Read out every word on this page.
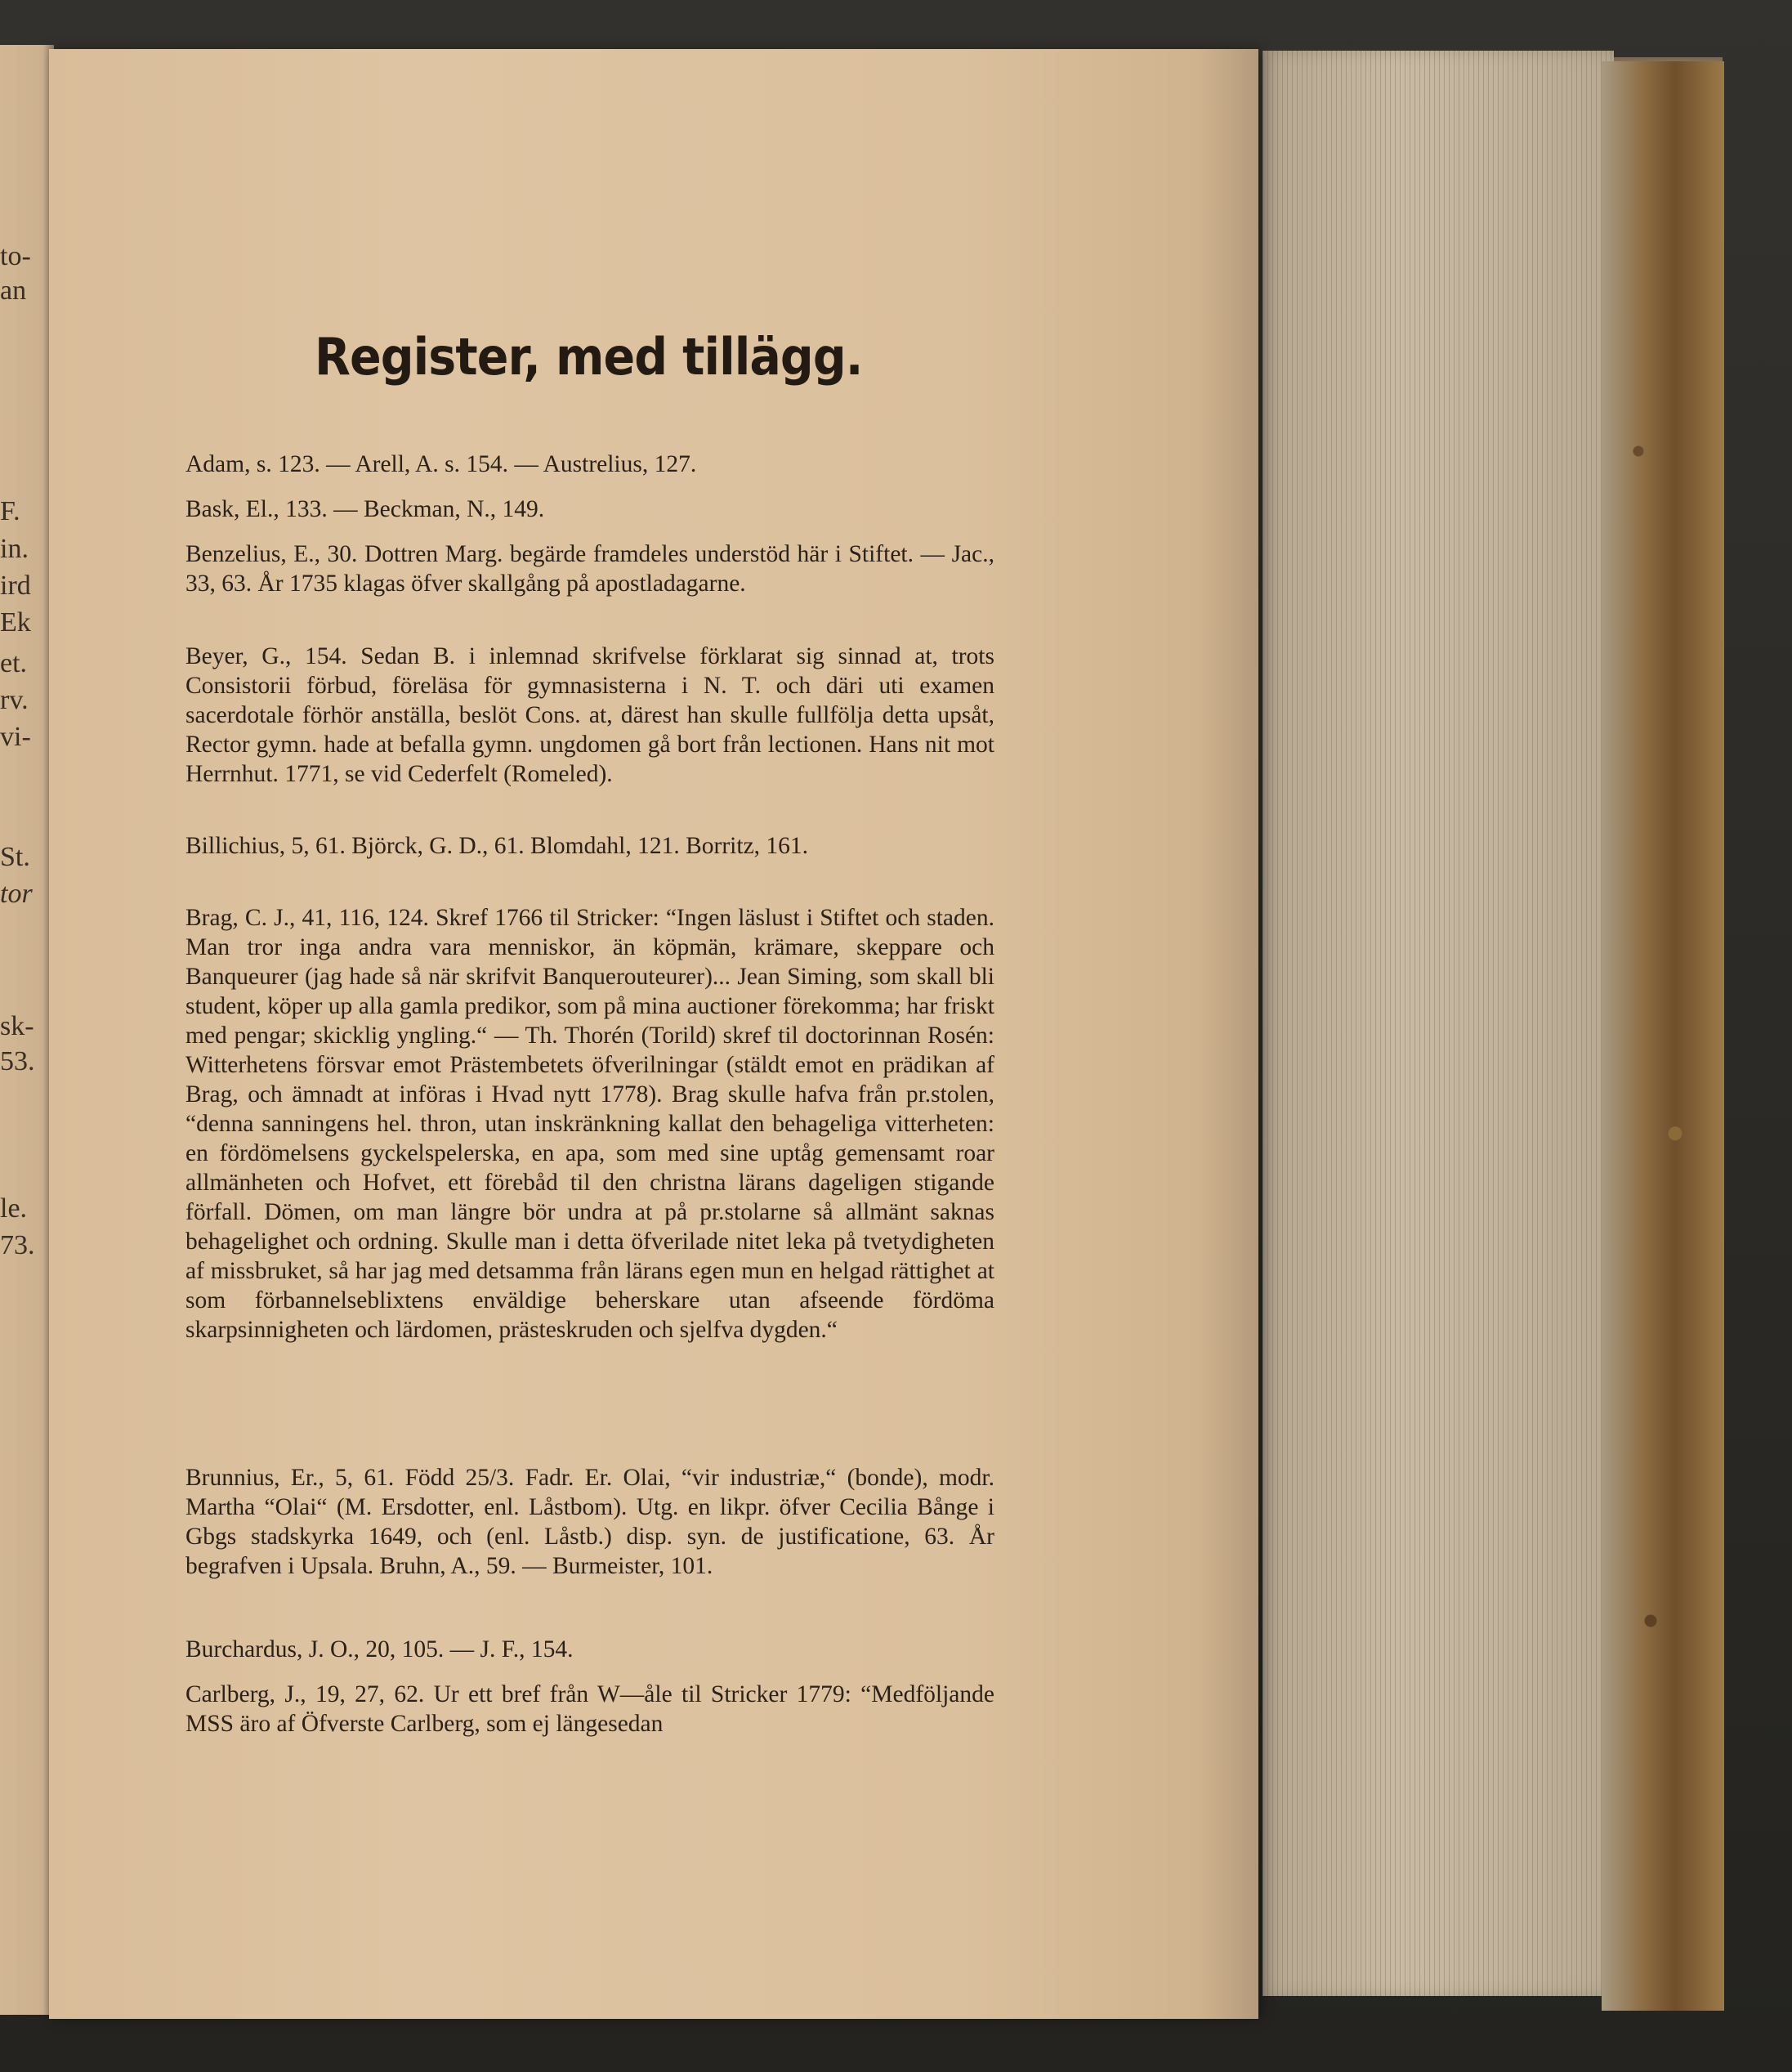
to-
an
F.
in.
ird
Ek
et.
rv.
vi-
St.
tor
sk-
53.
le.
73.
Register, med tillägg.
Adam, s. 123. — Arell, A. s. 154. — Austrelius, 127.
Bask, El., 133. — Beckman, N., 149.
Benzelius, E., 30. Dottren Marg. begärde framdeles understöd här i Stiftet. — Jac., 33, 63. År 1735 klagas öfver skallgång på apostladagarne.
Beyer, G., 154. Sedan B. i inlemnad skrifvelse förklarat sig sinnad at, trots Consistorii förbud, föreläsa för gymnasisterna i N. T. och däri uti examen sacerdotale förhör anställa, beslöt Cons. at, därest han skulle fullfölja detta upsåt, Rector gymn. hade at befalla gymn. ungdomen gå bort från lectionen. Hans nit mot Herrnhut. 1771, se vid Cederfelt (Romeled).
Billichius, 5, 61. Björck, G. D., 61. Blomdahl, 121. Borritz, 161.
Brag, C. J., 41, 116, 124. Skref 1766 til Stricker: “Ingen läslust i Stiftet och staden. Man tror inga andra vara menniskor, än köpmän, krämare, skeppare och Banqueurer (jag hade så när skrifvit Banquerouteurer)... Jean Siming, som skall bli student, köper up alla gamla predikor, som på mina auctioner förekomma; har friskt med pengar; skicklig yngling.“ — Th. Thorén (Torild) skref til doctorinnan Rosén: Witterhetens försvar emot Prästembetets öfverilningar (stäldt emot en prädikan af Brag, och ämnadt at införas i Hvad nytt 1778). Brag skulle hafva från pr.stolen, “denna sanningens hel. thron, utan inskränkning kallat den behageliga vitterheten: en fördömelsens gyckelspelerska, en apa, som med sine uptåg gemensamt roar allmänheten och Hofvet, ett förebåd til den christna lärans dageligen stigande förfall. Dömen, om man längre bör undra at på pr.stolarne så allmänt saknas behagelighet och ordning. Skulle man i detta öfverilade nitet leka på tvetydigheten af missbruket, så har jag med detsamma från lärans egen mun en helgad rättighet at som förbannelseblixtens enväldige beherskare utan afseende fördöma skarpsinnigheten och lärdomen, prästeskruden och sjelfva dygden.“
Brunnius, Er., 5, 61. Född 25/3. Fadr. Er. Olai, “vir industriæ,“ (bonde), modr. Martha “Olai“ (M. Ersdotter, enl. Låstbom). Utg. en likpr. öfver Cecilia Bånge i Gbgs stadskyrka 1649, och (enl. Låstb.) disp. syn. de justificatione, 63. År begrafven i Upsala. Bruhn, A., 59. — Burmeister, 101.
Burchardus, J. O., 20, 105. — J. F., 154.
Carlberg, J., 19, 27, 62. Ur ett bref från W—åle til Stricker 1779: “Medföljande MSS äro af Öfverste Carlberg, som ej längesedan
